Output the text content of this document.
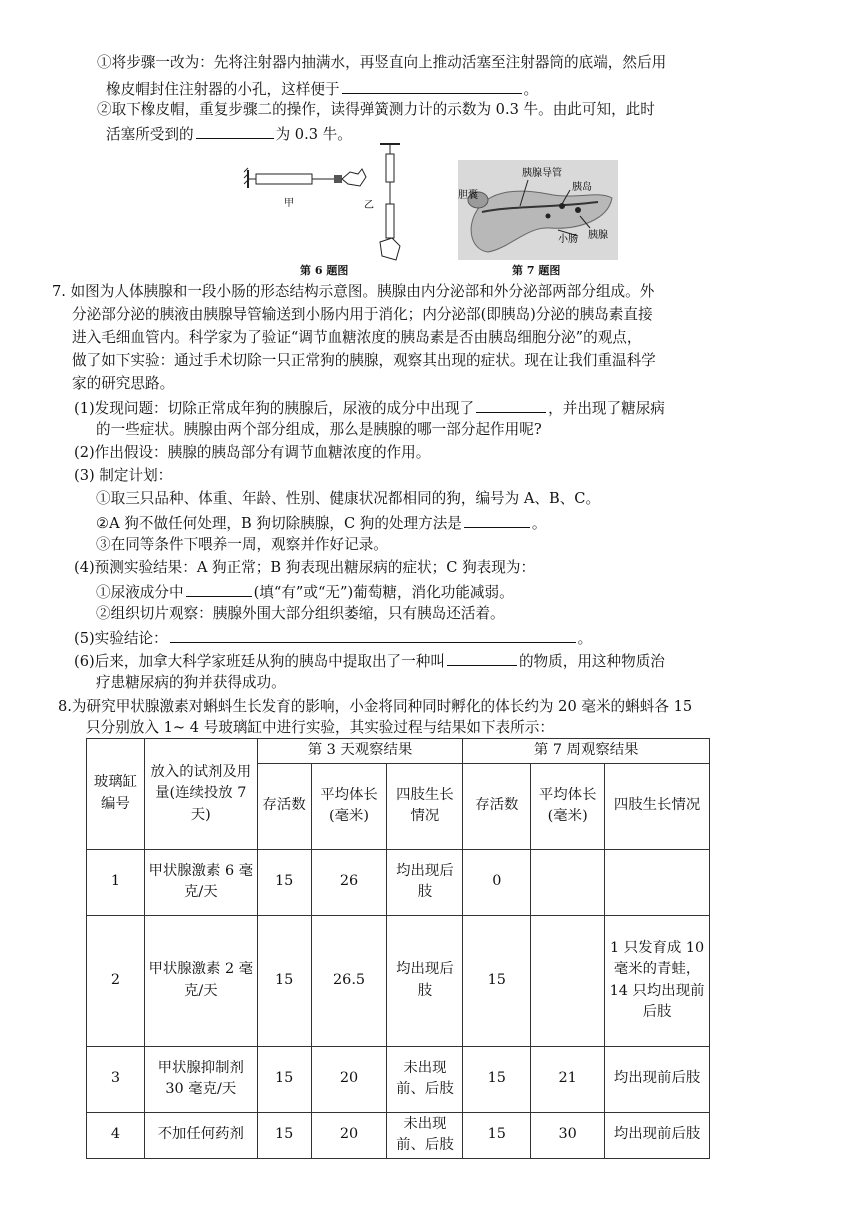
①将步骤一改为：先将注射器内抽满水，再竖直向上推动活塞至注射器筒的底端，然后用
橡皮帽封住注射器的小孔，这样便于	。
②取下橡皮帽，重复步骤二的操作，读得弹簧测力计的示数为 0.3 牛。由此可知，此时
活塞所受到的	为 0.3 牛。
甲	乙
第 6 题图
胰腺导管
胆囊
胰岛
小肠 胰腺
第 7 题图
7. 如图为人体胰腺和一段小肠的形态结构示意图。胰腺由内分泌部和外分泌部两部分组成。外
分泌部分泌的胰液由胰腺导管输送到小肠内用于消化；内分泌部(即胰岛)分泌的胰岛素直接
进入毛细血管内。科学家为了验证“调节血糖浓度的胰岛素是否由胰岛细胞分泌”的观点，
做了如下实验：通过手术切除一只正常狗的胰腺，观察其出现的症状。现在让我们重温科学
家的研究思路。
(1)发现问题：切除正常成年狗的胰腺后，尿液的成分中出现了	，并出现了糖尿病
的一些症状。胰腺由两个部分组成，那么是胰腺的哪一部分起作用呢?
(2)作出假设：胰腺的胰岛部分有调节血糖浓度的作用。
(3) 制定计划：
①取三只品种、体重、年龄、性别、健康状况都相同的狗，编号为 A、B、C。
②A 狗不做任何处理，B 狗切除胰腺，C 狗的处理方法是	。
③在同等条件下喂养一周，观察并作好记录。
(4)预测实验结果：A 狗正常；B 狗表现出糖尿病的症状；C 狗表现为：
①尿液成分中	(填“有”或“无”)葡萄糖，消化功能减弱。
②组织切片观察：胰腺外围大部分组织萎缩，只有胰岛还活着。
(5)实验结论：	。
(6)后来，加拿大科学家班廷从狗的胰岛中提取出了一种叫	的物质，用这种物质治
疗患糖尿病的狗并获得成功。
8.为研究甲状腺激素对蝌蚪生长发育的影响，小金将同种同时孵化的体长约为 20 毫米的蝌蚪各 15
只分别放入 1~ 4 号玻璃缸中进行实验，其实验过程与结果如下表所示：
玻璃缸编号	放入的试剂及用量(连续投放 7 天)	第 3 天观察结果			第 7 周观察结果		
		存活数	平均体长(毫米)	四肢生长情况	存活数	平均体长(毫米)	四肢生长情况
1	甲状腺激素 6 毫克/天	15	26	均出现后肢	0		
2	甲状腺激素 2 毫克/天	15	26.5	均出现后肢	15		1 只发育成 10 毫米的青蛙，14 只均出现前后肢
3	甲状腺抑制剂 30 毫克/天	15	20	未出现前、后肢	15	21	均出现前后肢
4	不加任何药剂	15	20	未出现前、后肢	15	30	均出现前后肢
